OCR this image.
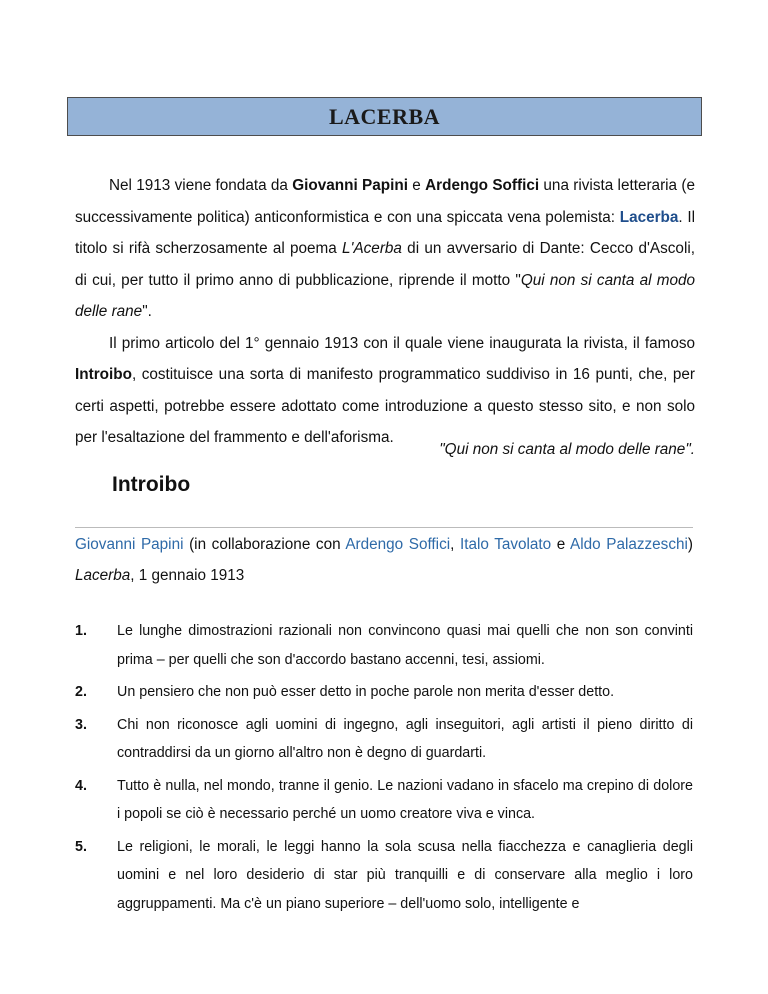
LACERBA

Nel 1913 viene fondata da Giovanni Papini e Ardengo Soffici una rivista letteraria (e successivamente politica) anticonformistica e con una spiccata vena polemista: Lacerba. Il titolo si rifà scherzosamente al poema L'Acerba di un avversario di Dante: Cecco d'Ascoli, di cui, per tutto il primo anno di pubblicazione, riprende il motto "Qui non si canta al modo delle rane".

Il primo articolo del 1° gennaio 1913 con il quale viene inaugurata la rivista, il famoso Introibo, costituisce una sorta di manifesto programmatico suddiviso in 16 punti, che, per certi aspetti, potrebbe essere adottato come introduzione a questo stesso sito, e non solo per l'esaltazione del frammento e dell'aforisma.

"Qui non si canta al modo delle rane".
Introibo
Giovanni Papini (in collaborazione con Ardengo Soffici, Italo Tavolato e Aldo Palazzeschi) Lacerba, 1 gennaio 1913
1. Le lunghe dimostrazioni razionali non convincono quasi mai quelli che non son convinti prima – per quelli che son d'accordo bastano accenni, tesi, assiomi.
2. Un pensiero che non può esser detto in poche parole non merita d'esser detto.
3. Chi non riconosce agli uomini di ingegno, agli inseguitori, agli artisti il pieno diritto di contraddirsi da un giorno all'altro non è degno di guardarti.
4. Tutto è nulla, nel mondo, tranne il genio. Le nazioni vadano in sfacelo ma crepino di dolore i popoli se ciò è necessario perché un uomo creatore viva e vinca.
5. Le religioni, le morali, le leggi hanno la sola scusa nella fiacchezza e canaglieria degli uomini e nel loro desiderio di star più tranquilli e di conservare alla meglio i loro aggruppamenti. Ma c'è un piano superiore – dell'uomo solo, intelligente e
